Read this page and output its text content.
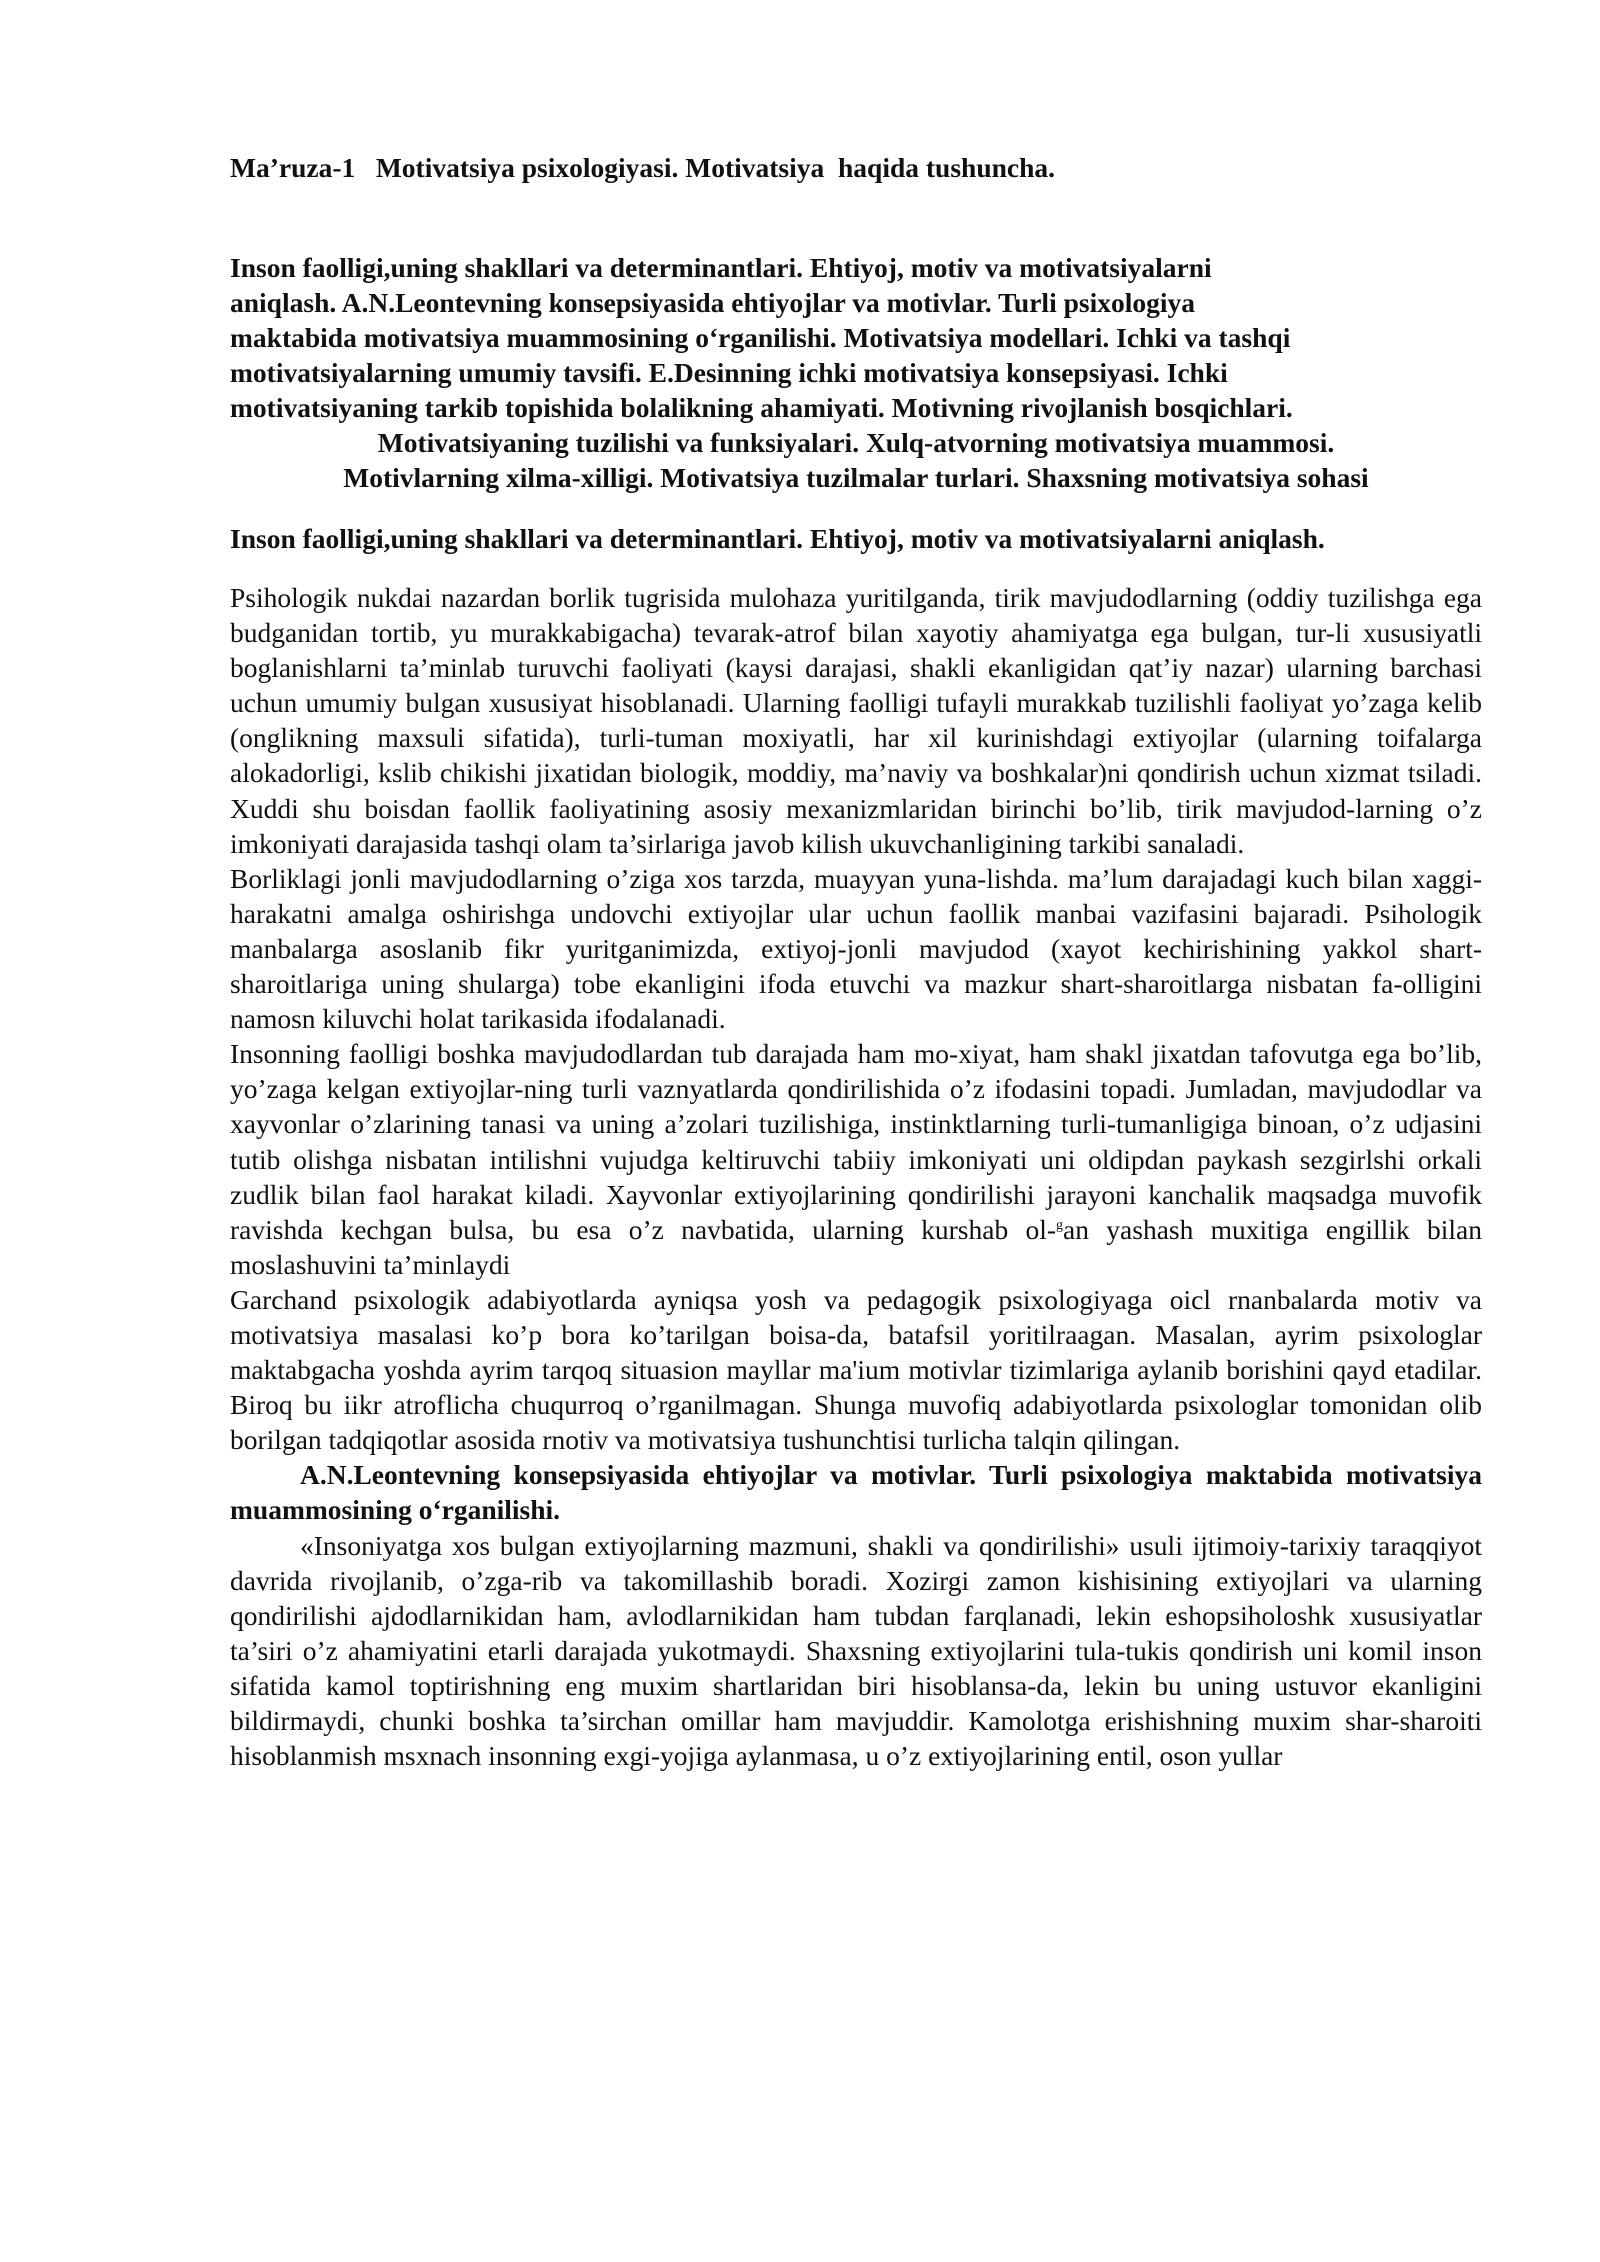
Ma’ruza-1   Motivatsiya psixologiyasi. Motivatsiya  haqida tushuncha.

Inson faolligi,uning shakllari va determinantlari. Ehtiyoj, motiv va motivatsiyalarni
aniqlash. A.N.Leontevning konsepsiyasida ehtiyojlar va motivlar. Turli psixologiya
maktabida motivatsiya muammosining o‘rganilishi. Motivatsiya modellari. Ichki va tashqi
motivatsiyalarning umumiy tavsifi. E.Desinning ichki motivatsiya konsepsiyasi. Ichki
motivatsiyaning tarkib topishida bolalikning ahamiyati. Motivning rivojlanish bosqichlari.
Motivatsiyaning tuzilishi va funksiyalari. Xulq-atvorning motivatsiya muammosi.
Motivlarning xilma-xilligi. Motivatsiya tuzilmalar turlari. Shaxsning motivatsiya sohasi

Inson faolligi,uning shakllari va determinantlari. Ehtiyoj, motiv va motivatsiyalarni aniqlash.

Psihologik nukdai nazardan borlik tugrisida mulohaza yuritilganda, tirik mavjudodlarning (oddiy tuzilishga ega budganidan tortib, yu murakkabigacha) tevarak-atrof bilan xayotiy ahamiyatga ega bulgan, tur-li xususiyatli boglanishlarni ta’minlab turuvchi faoliyati (kaysi darajasi, shakli ekanligidan qat’iy nazar) ularning barchasi uchun umumiy bulgan xususiyat hisoblanadi. Ularning faolligi tufayli murakkab tuzilishli faoliyat yo’zaga kelib (onglikning maxsuli sifatida), turli-tuman moxiyatli, har xil kurinishdagi extiyojlar (ularning toifalarga alokadorligi, kslib chikishi jixatidan biologik, moddiy, ma’naviy va boshkalar)ni qondirish uchun xizmat tsiladi. Xuddi shu boisdan faollik faoliyatining asosiy mexanizmlaridan birinchi bo’lib, tirik mavjudod-larning o’z imkoniyati darajasida tashqi olam ta’sirlariga javob kilish ukuvchanligining tarkibi sanaladi.

Borliklagi jonli mavjudodlarning o’ziga xos tarzda, muayyan yuna-lishda. ma’lum darajadagi kuch bilan xaggi-harakatni amalga oshirishga undovchi extiyojlar ular uchun faollik manbai vazifasini bajaradi. Psihologik manbalarga asoslanib fikr yuritganimizda, extiyoj-jonli mavjudod (xayot kechirishining yakkol shart-sharoitlariga uning shularga) tobe ekanligini ifoda etuvchi va mazkur shart-sharoitlarga nisbatan fa-olligini namosn kiluvchi holat tarikasida ifodalanadi.

Insonning faolligi boshka mavjudodlardan tub darajada ham mo-xiyat, ham shakl jixatdan tafovutga ega bo’lib, yo’zaga kelgan extiyojlar-ning turli vaznyatlarda qondirilishida o’z ifodasini topadi. Jumladan, mavjudodlar va xayvonlar o’zlarining tanasi va uning a’zolari tuzilishiga, instinktlarning turli-tumanligiga binoan, o’z udjasini tutib olishga nisbatan intilishni vujudga keltiruvchi tabiiy imkoniyati uni oldipdan paykash sezgirlshi orkali zudlik bilan faol harakat kiladi. Xayvonlar extiyojlarining qondirilishi jarayoni kanchalik maqsadga muvofik ravishda kechgan bulsa, bu esa o’z navbatida, ularning kurshab ol-$^g$an yashash muxitiga engillik bilan moslashuvini ta’minlaydi

Garchand psixologik adabiyotlarda ayniqsa yosh va pedagogik psixologiyaga oicl rnanbalarda motiv va motivatsiya masalasi ko’p bora ko’tarilgan boisa-da, batafsil yoritilraagan. Masalan, ayrim psixologlar maktabgacha yoshda ayrim tarqoq situasion mayllar ma'ium motivlar tizimlariga aylanib borishini qayd etadilar. Biroq bu iikr atroflicha chuqurroq o’rganilmagan. Shunga muvofiq adabiyotlarda psixologlar tomonidan olib borilgan tadqiqotlar asosida rnotiv va motivatsiya tushunchtisi turlicha talqin qilingan.

A.N.Leontevning konsepsiyasida ehtiyojlar va motivlar. Turli psixologiya maktabida motivatsiya muammosining o‘rganilishi.

«Insoniyatga xos bulgan extiyojlarning mazmuni, shakli va qondirilishi» usuli ijtimoiy-tarixiy taraqqiyot davrida rivojlanib, o’zga-rib va takomillashib boradi. Xozirgi zamon kishisining extiyojlari va ularning qondirilishi ajdodlarnikidan ham, avlodlarnikidan ham tubdan farqlanadi, lekin eshopsiholoshk xususiyatlar ta’siri o’z ahamiyatini etarli darajada yukotmaydi. Shaxsning extiyojlarini tula-tukis qondirish uni komil inson sifatida kamol toptirishning eng muxim shartlaridan biri hisoblansa-da, lekin bu uning ustuvor ekanligini bildirmaydi, chunki boshka ta’sirchan omillar ham mavjuddir. Kamolotga erishishning muxim shar-sharoiti hisoblanmish msxnach insonning exgi-yojiga aylanmasa, u o’z extiyojlarining entil, oson yullar
